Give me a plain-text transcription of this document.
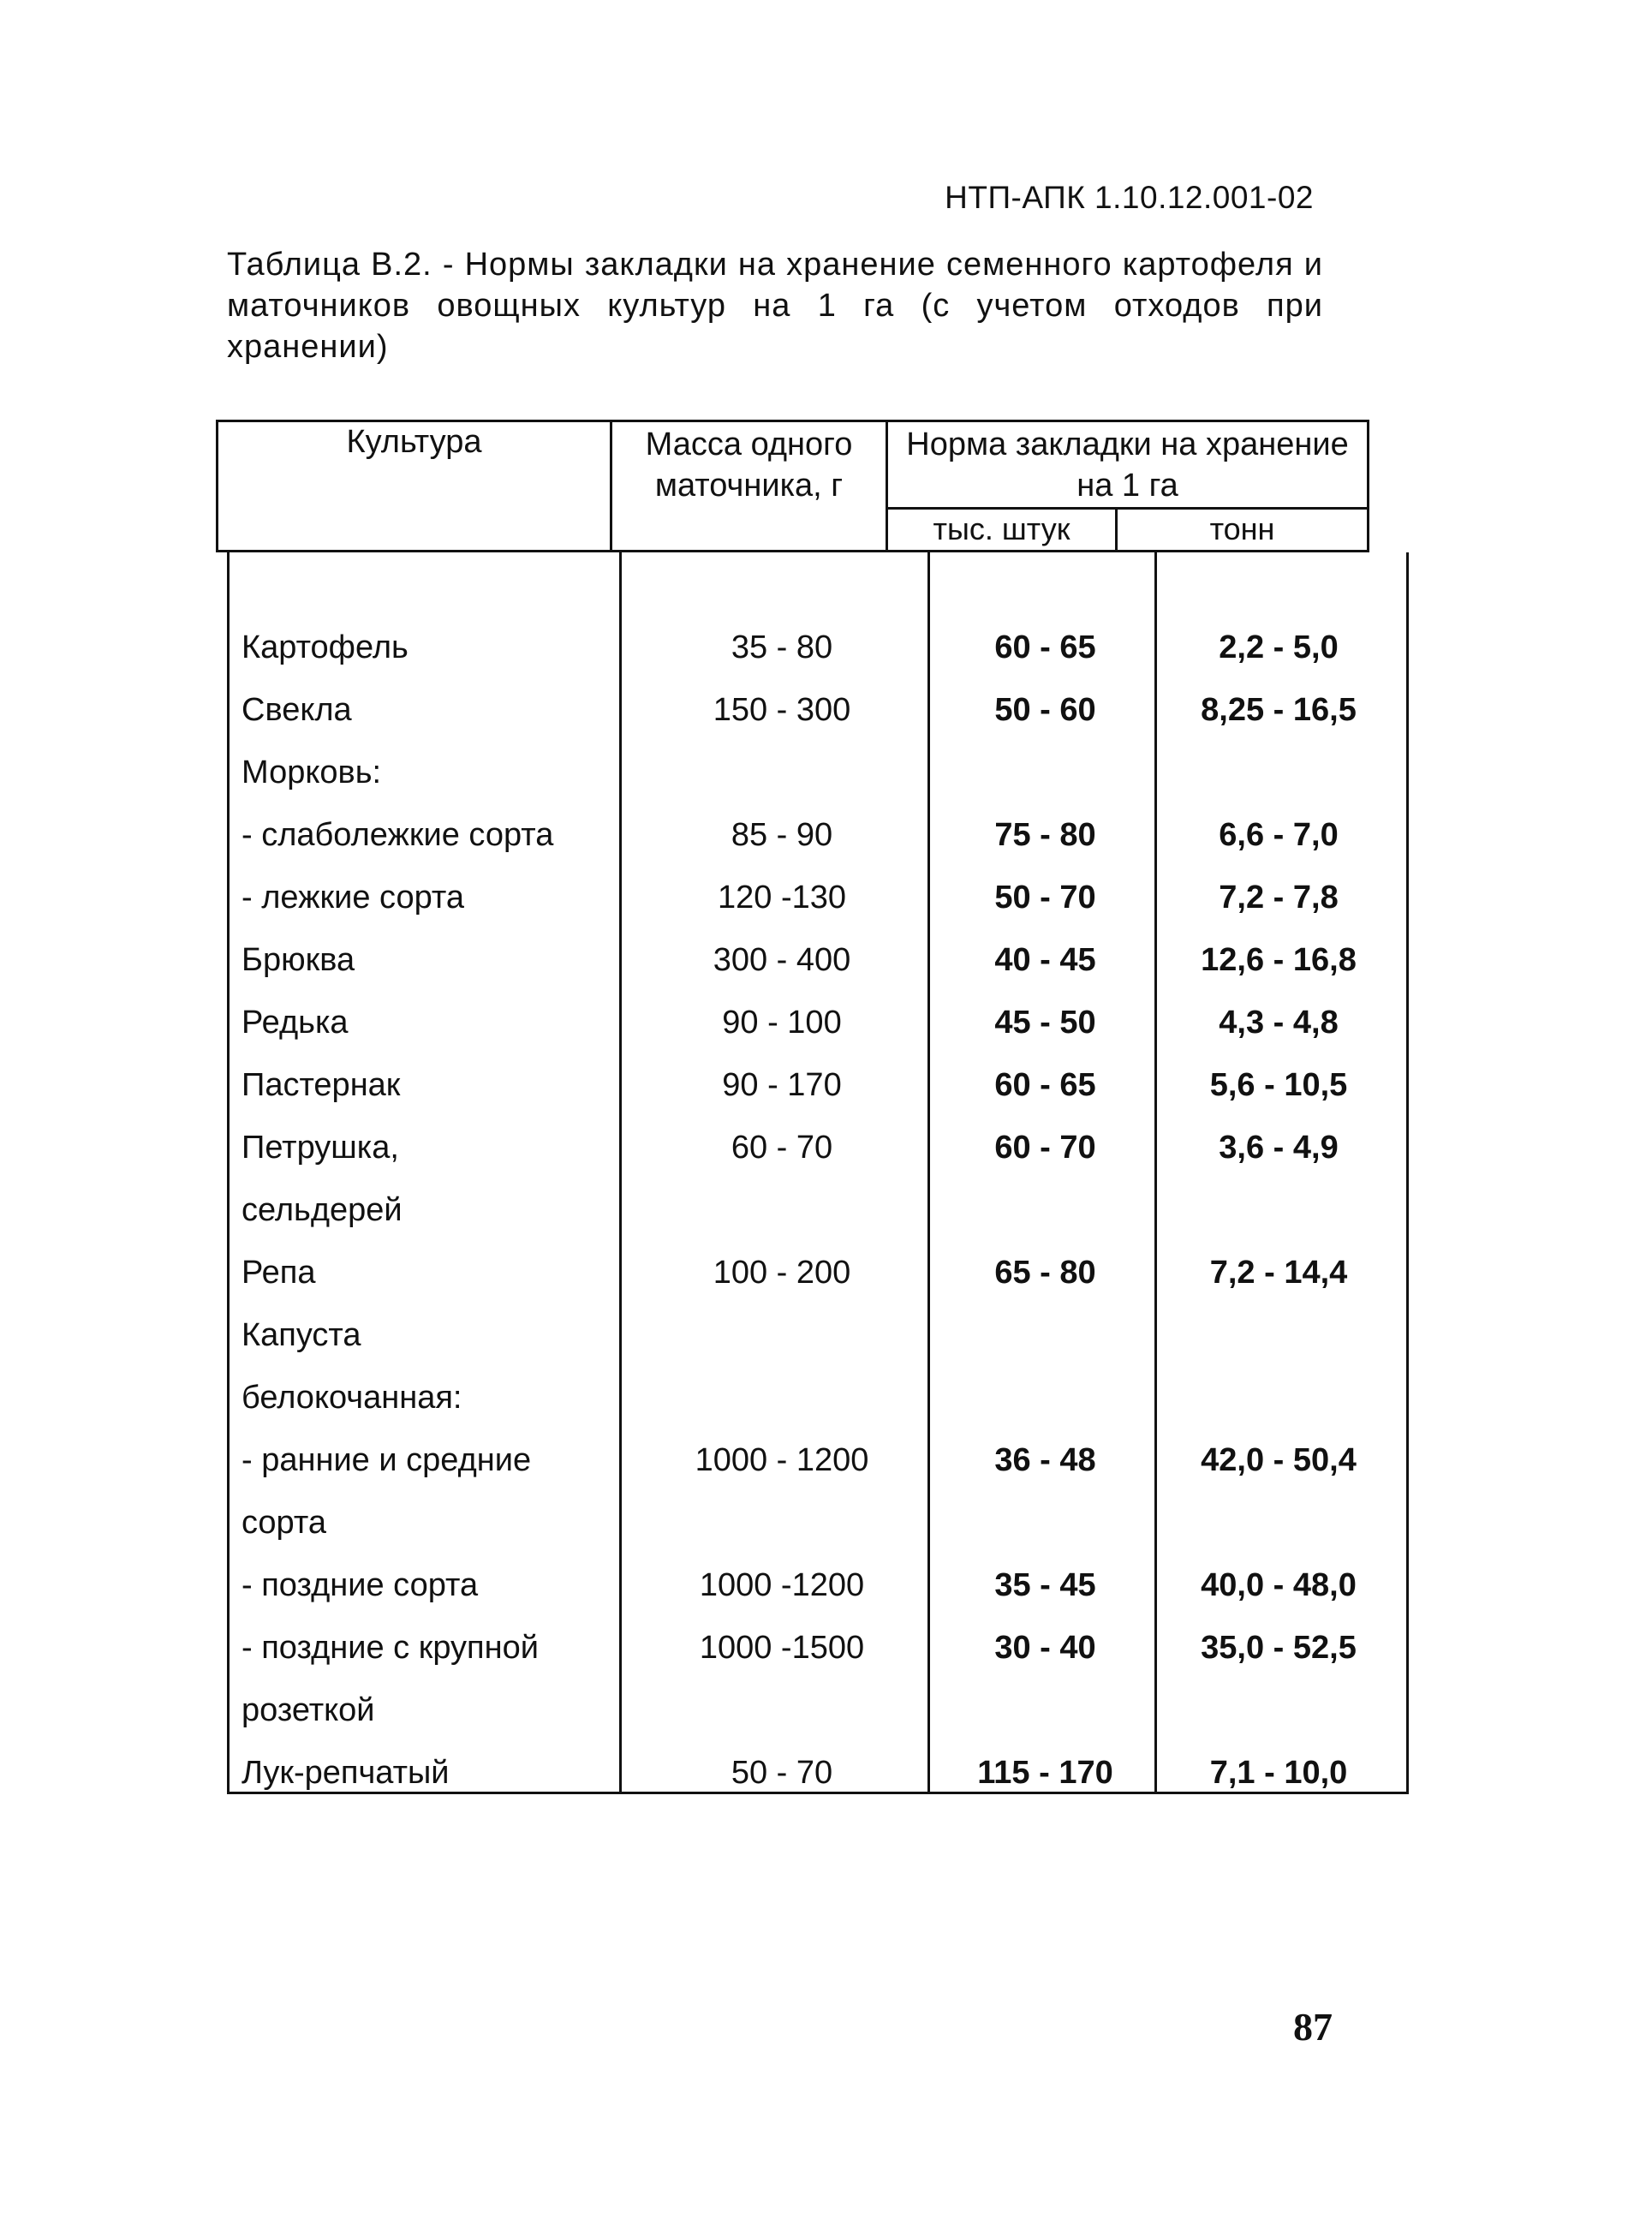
НТП-АПК 1.10.12.001-02
Таблица В.2. - Нормы закладки на хранение семенного картофеля и маточников овощных культур на 1 га (с учетом отходов при хранении)
Культура	Масса одного маточника, г
Норма закладки на хранение на 1 га
тыс. штук	тонн
Картофель	35 - 80	60 - 65	2,2 - 5,0
Свекла	150 - 300	50 - 60	8,25 - 16,5
Морковь:
- слаболежкие сорта	85 - 90	75 - 80	6,6 - 7,0
- лежкие сорта	120 -130	50 - 70	7,2 - 7,8
Брюква	300 - 400	40 - 45	12,6 - 16,8
Редька	90 - 100	45 - 50	4,3 - 4,8
Пастернак	90 - 170	60 - 65	5,6 - 10,5
Петрушка,	60 - 70	60 - 70	3,6 - 4,9
сельдерей
Репа	100 - 200	65 - 80	7,2 - 14,4
Капуста
белокочанная:
- ранние и средние	1000 - 1200	36 - 48	42,0 - 50,4
сорта
- поздние сорта	1000 -1200	35 - 45	40,0 - 48,0
- поздние с крупной	1000 -1500	30 - 40	35,0 - 52,5
розеткой
Лук-репчатый	50 - 70	115 - 170	7,1 - 10,0
87
